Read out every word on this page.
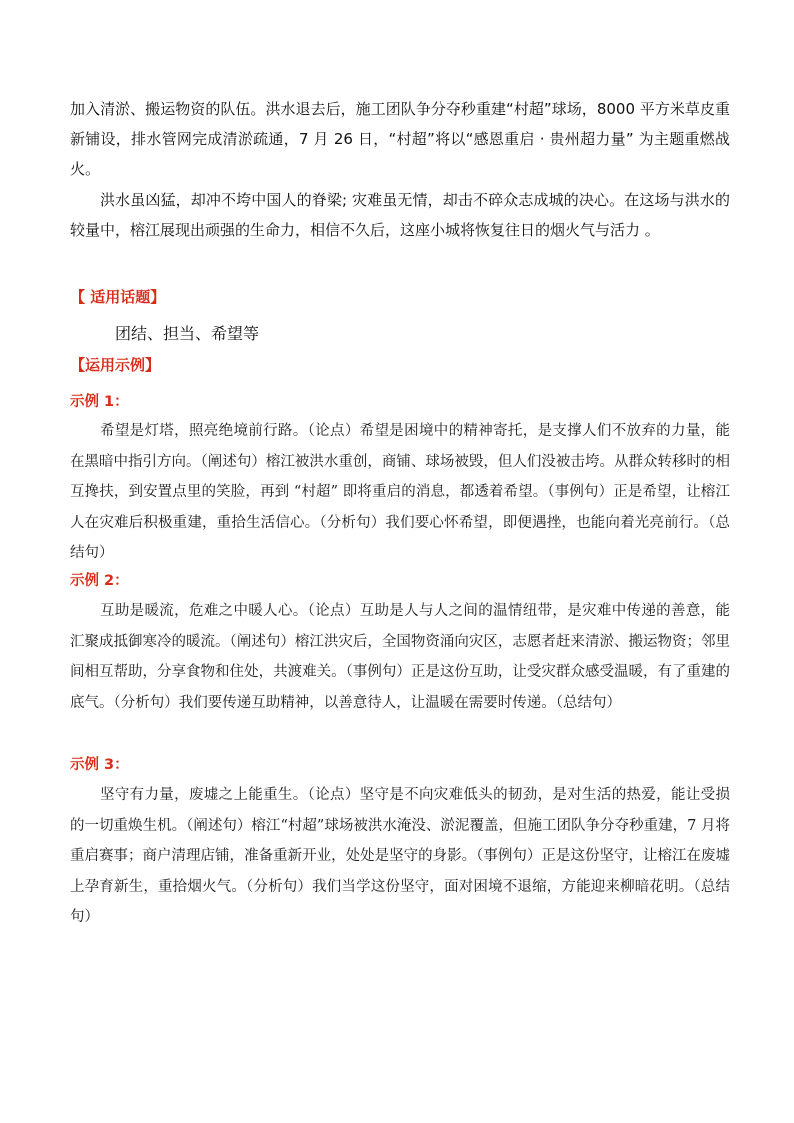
加入清淤、搬运物资的队伍。洪水退去后，施工团队争分夺秒重建“村超”球场，8000 平方米草皮重新铺设，排水管网完成清淤疏通，7 月 26 日，“村超”将以“感恩重启 · 贵州超力量” 为主题重燃战火。

洪水虽凶猛，却冲不垮中国人的脊梁; 灾难虽无情，却击不碎众志成城的决心。在这场与洪水的较量中，榕江展现出顽强的生命力，相信不久后，这座小城将恢复往日的烟火气与活力 。

【 适用话题】

团结、担当、希望等

【运用示例】

示例 1：

希望是灯塔，照亮绝境前行路。（论点）希望是困境中的精神寄托，是支撑人们不放弃的力量，能在黑暗中指引方向。（阐述句）榕江被洪水重创，商铺、球场被毁，但人们没被击垮。从群众转移时的相互搀扶，到安置点里的笑脸，再到 “村超” 即将重启的消息，都透着希望。（事例句）正是希望，让榕江人在灾难后积极重建，重拾生活信心。（分析句）我们要心怀希望，即便遇挫，也能向着光亮前行。（总结句）

示例 2：

互助是暖流，危难之中暖人心。（论点）互助是人与人之间的温情纽带，是灾难中传递的善意，能汇聚成抵御寒冷的暖流。（阐述句）榕江洪灾后，全国物资涌向灾区，志愿者赶来清淤、搬运物资；邻里间相互帮助，分享食物和住处，共渡难关。（事例句）正是这份互助，让受灾群众感受温暖，有了重建的底气。（分析句）我们要传递互助精神，以善意待人，让温暖在需要时传递。（总结句）

示例 3：

坚守有力量，废墟之上能重生。（论点）坚守是不向灾难低头的韧劲，是对生活的热爱，能让受损的一切重焕生机。（阐述句）榕江“村超”球场被洪水淹没、淤泥覆盖，但施工团队争分夺秒重建，7 月将重启赛事；商户清理店铺，准备重新开业，处处是坚守的身影。（事例句）正是这份坚守，让榕江在废墟上孕育新生，重拾烟火气。（分析句）我们当学这份坚守，面对困境不退缩，方能迎来柳暗花明。（总结句）
